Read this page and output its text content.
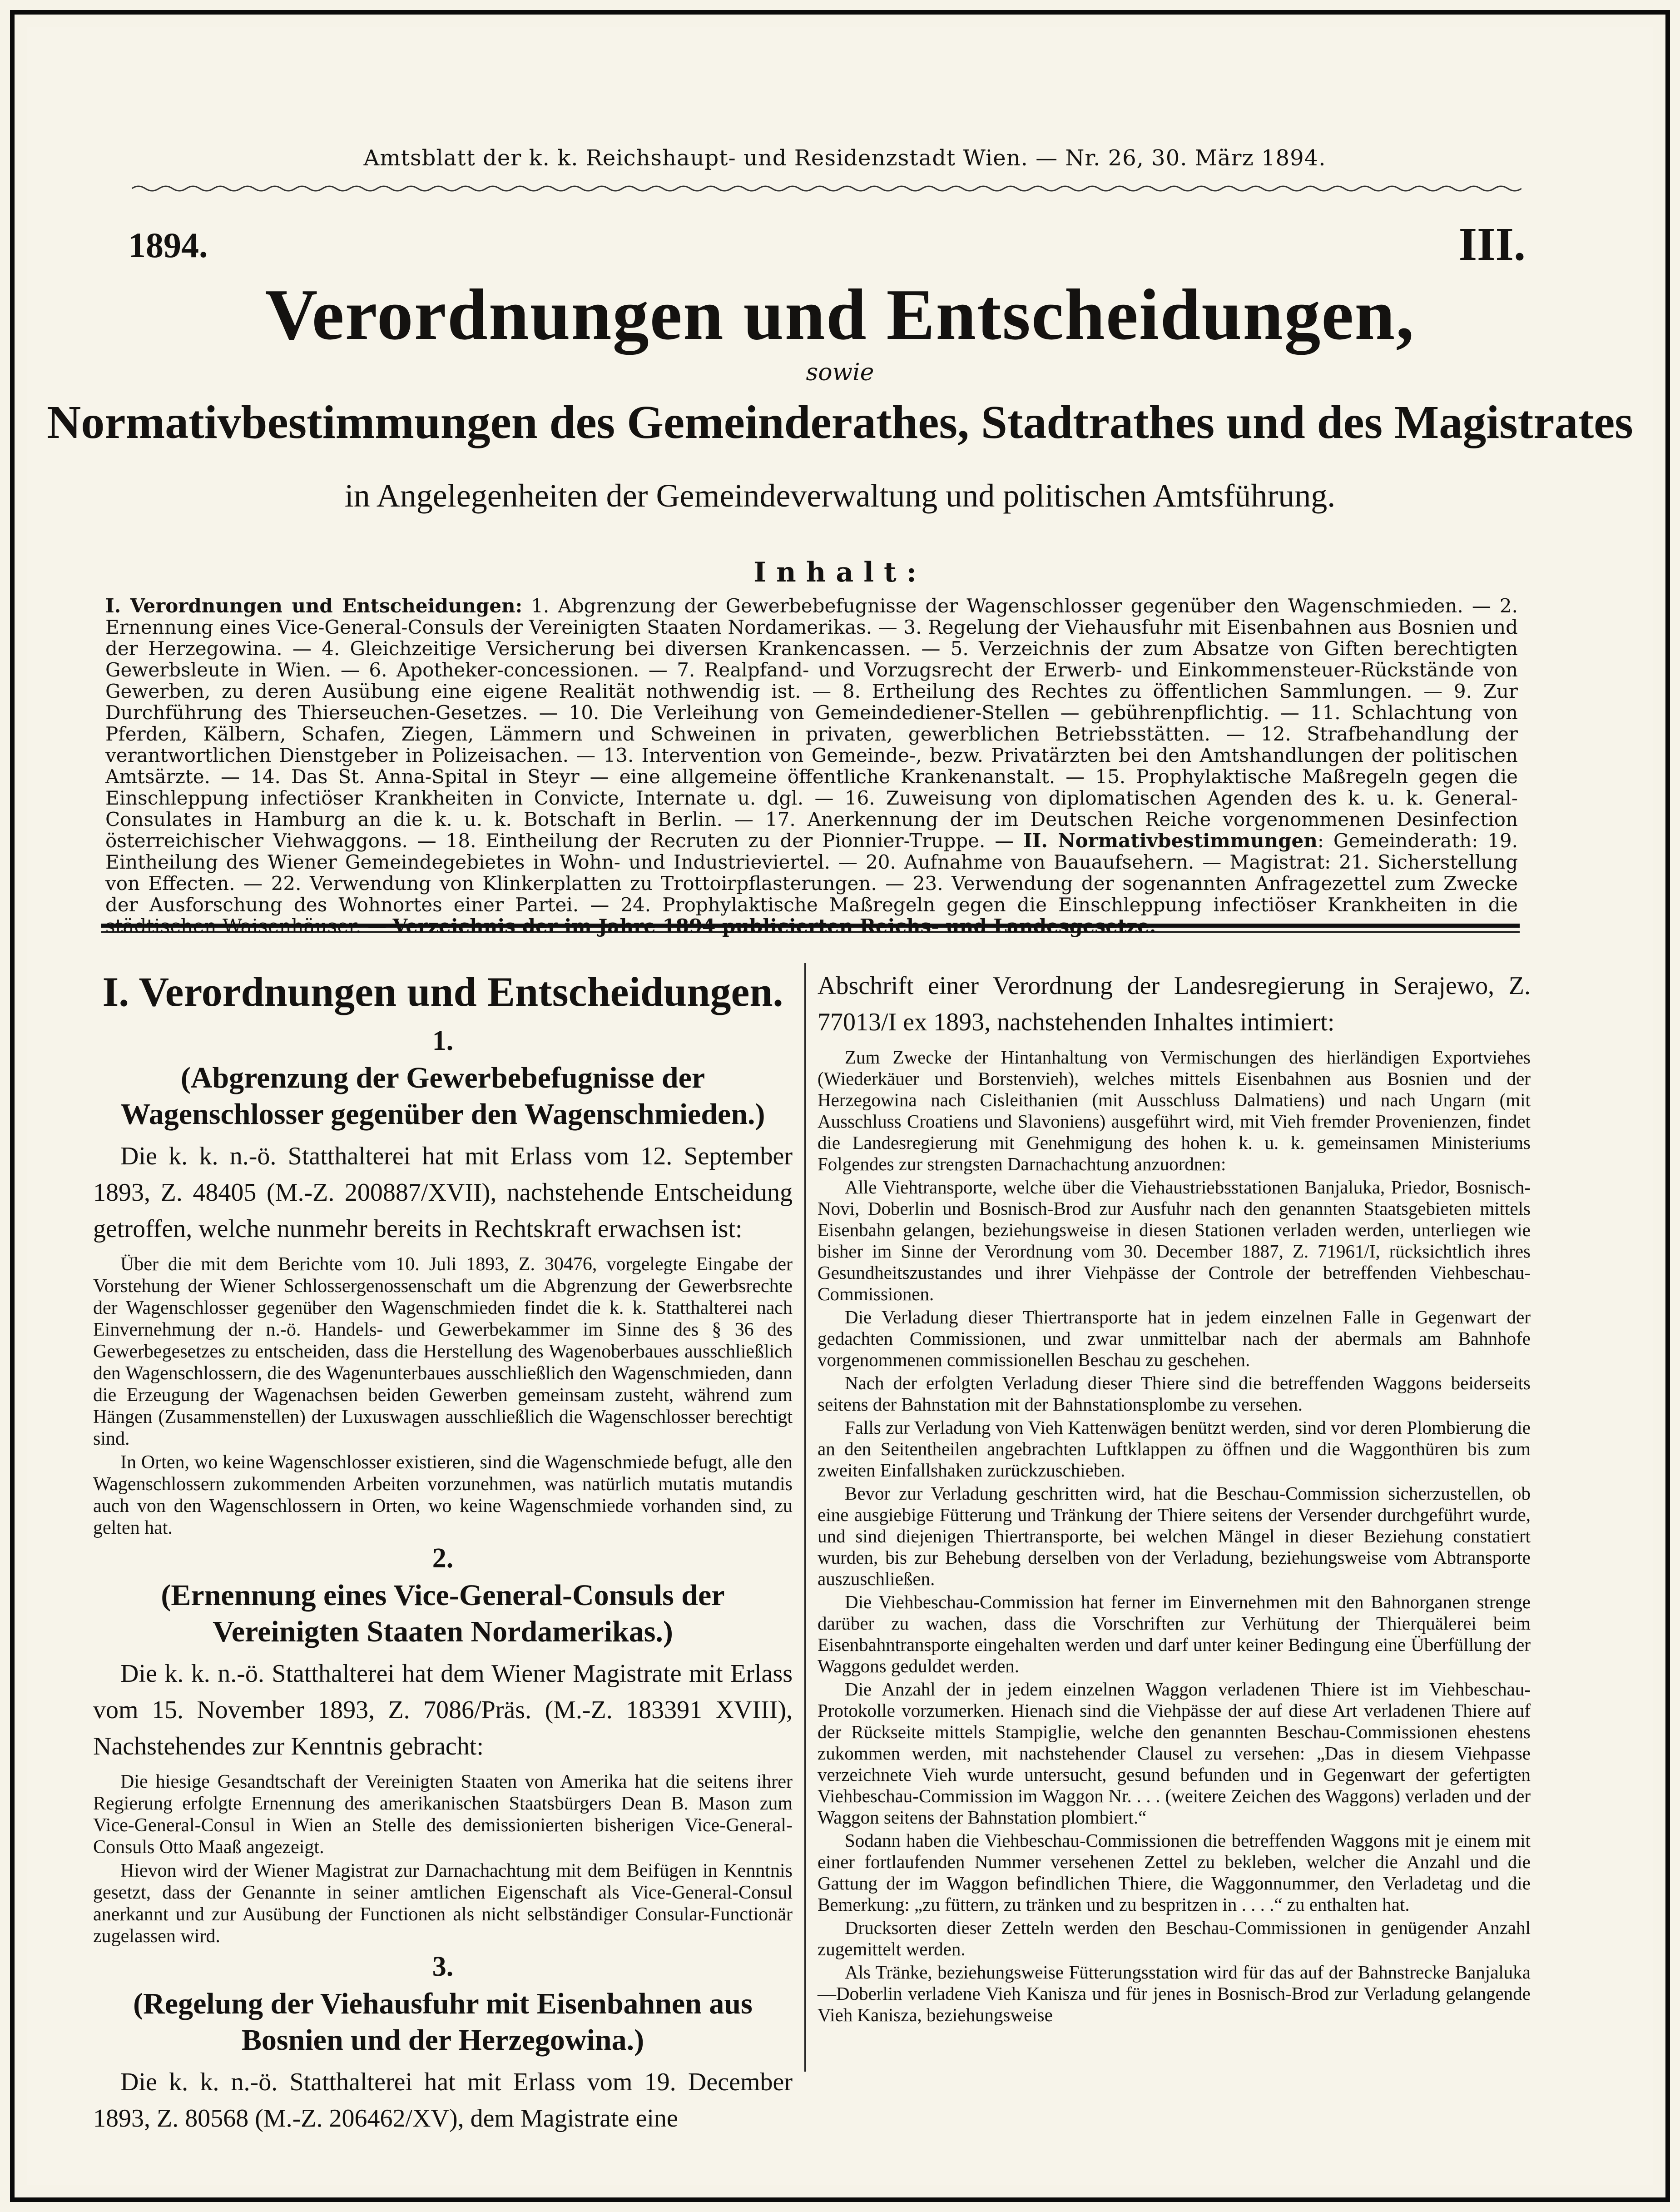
Amtsblatt der k. k. Reichshaupt- und Residenzstadt Wien. — Nr. 26, 30. März 1894.
1894.	III.
Verordnungen und Entscheidungen,
sowie
Normativbestimmungen des Gemeinderathes, Stadtrathes und des Magistrates
in Angelegenheiten der Gemeindeverwaltung und politischen Amtsführung.
Inhalt:
I. Verordnungen und Entscheidungen: 1. Abgrenzung der Gewerbebefugnisse der Wagenschlosser gegenüber den Wagenschmieden. — 2. Ernennung eines Vice-General-Consuls der Vereinigten Staaten Nordamerikas. — 3. Regelung der Viehausfuhr mit Eisenbahnen aus Bosnien und der Herzegowina. — 4. Gleichzeitige Versicherung bei diversen Krankencassen. — 5. Verzeichnis der zum Absatze von Giften berechtigten Gewerbsleute in Wien. — 6. Apotheker-concessionen. — 7. Realpfand- und Vorzugsrecht der Erwerb- und Einkommensteuer-Rückstände von Gewerben, zu deren Ausübung eine eigene Realität nothwendig ist. — 8. Ertheilung des Rechtes zu öffentlichen Sammlungen. — 9. Zur Durchführung des Thierseuchen-Gesetzes. — 10. Die Verleihung von Gemeindediener-Stellen — gebührenpflichtig. — 11. Schlachtung von Pferden, Kälbern, Schafen, Ziegen, Lämmern und Schweinen in privaten, gewerblichen Betriebsstätten. — 12. Strafbehandlung der verantwortlichen Dienstgeber in Polizeisachen. — 13. Intervention von Gemeinde-, bezw. Privatärzten bei den Amtshandlungen der politischen Amtsärzte. — 14. Das St. Anna-Spital in Steyr — eine allgemeine öffentliche Krankenanstalt. — 15. Prophylaktische Maßregeln gegen die Einschleppung infectiöser Krankheiten in Convicte, Internate u. dgl. — 16. Zuweisung von diplomatischen Agenden des k. u. k. General-Consulates in Hamburg an die k. u. k. Botschaft in Berlin. — 17. Anerkennung der im Deutschen Reiche vorgenommenen Desinfection österreichischer Viehwaggons. — 18. Eintheilung der Recruten zu der Pionnier-Truppe. — II. Normativbestimmungen: Gemeinderath: 19. Eintheilung des Wiener Gemeindegebietes in Wohn- und Industrieviertel. — 20. Aufnahme von Bauaufsehern. — Magistrat: 21. Sicherstellung von Effecten. — 22. Verwendung von Klinkerplatten zu Trottoirpflasterungen. — 23. Verwendung der sogenannten Anfragezettel zum Zwecke der Ausforschung des Wohnortes einer Partei. — 24. Prophylaktische Maßregeln gegen die Einschleppung infectiöser Krankheiten in die
I. Verordnungen und Entscheidungen.
1.
(Abgrenzung der Gewerbebefugnisse der Wagenschlosser gegenüber den Wagenschmieden.)

Die k. k. n.-ö. Statthalterei hat mit Erlass vom 12. September 1893, Z. 48405 (M.-Z. 200887/XVII), nachstehende Entscheidung getroffen, welche nunmehr bereits in Rechtskraft erwachsen ist:

Über die mit dem Berichte vom 10. Juli 1893, Z. 30476, vorgelegte Eingabe der Vorstehung der Wiener Schlossergenossenschaft um die Abgrenzung der Gewerbsrechte der Wagenschlosser gegenüber den Wagenschmieden findet die k. k. Statthalterei nach Einvernehmung der n.-ö. Handels- und Gewerbekammer im Sinne des § 36 des Gewerbegesetzes zu entscheiden, dass die Herstellung des Wagenoberbaues ausschließlich den Wagenschlossern, die des Wagenunterbaues ausschließlich den Wagenschmieden, dann die Erzeugung der Wagenachsen beiden Gewerben gemeinsam zusteht, während zum Hängen (Zusammenstellen) der Luxuswagen ausschließlich die Wagenschlosser berechtigt sind.

In Orten, wo keine Wagenschlosser existieren, sind die Wagenschmiede befugt, alle den Wagenschlossern zukommenden Arbeiten vorzunehmen, was natürlich mutatis mutandis auch von den Wagenschlossern in Orten, wo keine Wagenschmiede vorhanden sind, zu gelten hat.

2.
(Ernennung eines Vice-General-Consuls der Vereinigten Staaten Nordamerikas.)

Die k. k. n.-ö. Statthalterei hat dem Wiener Magistrate mit Erlass vom 15. November 1893, Z. 7086/Präs. (M.-Z. 183391 XVIII), Nachstehendes zur Kenntnis gebracht:

Die hiesige Gesandtschaft der Vereinigten Staaten von Amerika hat die seitens ihrer Regierung erfolgte Ernennung des amerikanischen Staatsbürgers Dean B. Mason zum Vice-General-Consul in Wien an Stelle des demissionierten bisherigen Vice-General-Consuls Otto Maaß angezeigt.

Hievon wird der Wiener Magistrat zur Darnachachtung mit dem Beifügen in Kenntnis gesetzt, dass der Genannte in seiner amtlichen Eigenschaft als Vice-General-Consul anerkannt und zur Ausübung der Functionen als nicht selbständiger Consular-Functionär zugelassen wird.

3.
(Regelung der Viehausfuhr mit Eisenbahnen aus Bosnien und der Herzegowina.)

Die k. k. n.-ö. Statthalterei hat mit Erlass vom 19. December 1893, Z. 80568 (M.-Z. 206462/XV), dem Magistrate eine

Abschrift einer Verordnung der Landesregierung in Serajewo, Z. 77013/I ex 1893, nachstehenden Inhaltes intimiert:

Zum Zwecke der Hintanhaltung von Vermischungen des hierländigen Exportviehes (Wiederkäuer und Borstenvieh), welches mittels Eisenbahnen aus Bosnien und der Herzegowina nach Cisleithanien (mit Ausschluss Dalmatiens) und nach Ungarn (mit Ausschluss Croatiens und Slavoniens) ausgeführt wird, mit Vieh fremder Provenienzen, findet die Landesregierung mit Genehmigung des hohen k. u. k. gemeinsamen Ministeriums Folgendes zur strengsten Darnachachtung anzuordnen:

Alle Viehtransporte, welche über die Viehaustriebsstationen Banjaluka, Priedor, Bosnisch-Novi, Doberlin und Bosnisch-Brod zur Ausfuhr nach den genannten Staatsgebieten mittels Eisenbahn gelangen, beziehungsweise in diesen Stationen verladen werden, unterliegen wie bisher im Sinne der Verordnung vom 30. December 1887, Z. 71961/I, rücksichtlich ihres Gesundheitszustandes und ihrer Viehpässe der Controle der betreffenden Viehbeschau-Commissionen.

Die Verladung dieser Thiertransporte hat in jedem einzelnen Falle in Gegenwart der gedachten Commissionen, und zwar unmittelbar nach der abermals am Bahnhofe vorgenommenen commissionellen Beschau zu geschehen.

Nach der erfolgten Verladung dieser Thiere sind die betreffenden Waggons beiderseits seitens der Bahnstation mit der Bahnstationsplombe zu versehen.

Falls zur Verladung von Vieh Kattenwägen benützt werden, sind vor deren Plombierung die an den Seitentheilen angebrachten Luftklappen zu öffnen und die Waggonthüren bis zum zweiten Einfallshaken zurückzuschieben.

Bevor zur Verladung geschritten wird, hat die Beschau-Commission sicherzustellen, ob eine ausgiebige Fütterung und Tränkung der Thiere seitens der Versender durchgeführt wurde, und sind diejenigen Thiertransporte, bei welchen Mängel in dieser Beziehung constatiert wurden, bis zur Behebung derselben von der Verladung, beziehungsweise vom Abtransporte auszuschließen.

Die Viehbeschau-Commission hat ferner im Einvernehmen mit den Bahnorganen strenge darüber zu wachen, dass die Vorschriften zur Verhütung der Thierquälerei beim Eisenbahntransporte eingehalten werden und darf unter keiner Bedingung eine Überfüllung der Waggons geduldet werden.

Die Anzahl der in jedem einzelnen Waggon verladenen Thiere ist im Viehbeschau-Protokolle vorzumerken. Hienach sind die Viehpässe der auf diese Art verladenen Thiere auf der Rückseite mittels Stampiglie, welche den genannten Beschau-Commissionen ehestens zukommen werden, mit nachstehender Clausel zu versehen: „Das in diesem Viehpasse verzeichnete Vieh wurde untersucht, gesund befunden und in Gegenwart der gefertigten Viehbeschau-Commission im Waggon Nr. . . . (weitere Zeichen des Waggons) verladen und der Waggon seitens der Bahnstation plombiert.“

Sodann haben die Viehbeschau-Commissionen die betreffenden Waggons mit je einem mit einer fortlaufenden Nummer versehenen Zettel zu bekleben, welcher die Anzahl und die Gattung der im Waggon befindlichen Thiere, die Waggonnummer, den Verladetag und die Bemerkung: „zu füttern, zu tränken und zu bespritzen in . . . .“ zu enthalten hat.

Drucksorten dieser Zetteln werden den Beschau-Commissionen in genügender Anzahl zugemittelt werden.

Als Tränke, beziehungsweise Fütterungsstation wird für das auf der Bahnstrecke Banjaluka—Doberlin verladene Vieh Kanisza und für jenes in Bosnisch-Brod zur Verladung gelangende Vieh Kanisza, beziehungsweise
